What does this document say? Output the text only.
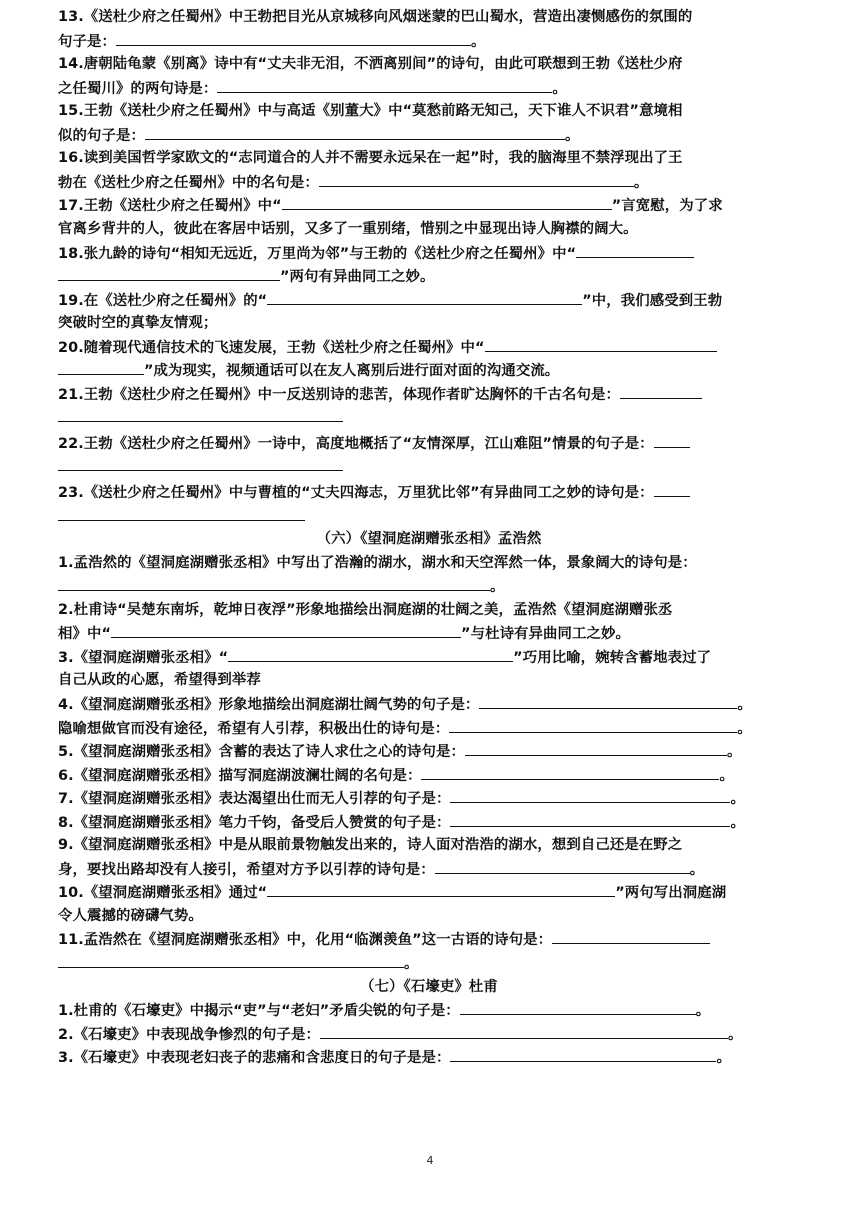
13.《送杜少府之任蜀州》中王勃把目光从京城移向风烟迷蒙的巴山蜀水，营造出凄恻感伤的氛围的
句子是：	。
14.唐朝陆龟蒙《别离》诗中有“丈夫非无泪，不洒离别间”的诗句，由此可联想到王勃《送杜少府
之任蜀川》的两句诗是：	。
15.王勃《送杜少府之任蜀州》中与高适《别董大》中“莫愁前路无知己，天下谁人不识君”意境相
似的句子是：	。
16.读到美国哲学家欧文的“志同道合的人并不需要永远呆在一起”时，我的脑海里不禁浮现出了王
勃在《送杜少府之任蜀州》中的名句是：	。
17.王勃《送杜少府之任蜀州》中“	”言宽慰，为了求
官离乡背井的人，彼此在客居中话别，又多了一重别绪，惜别之中显现出诗人胸襟的阔大。
18.张九龄的诗句“相知无远近，万里尚为邻”与王勃的《送杜少府之任蜀州》中“
”两句有异曲同工之妙。
19.在《送杜少府之任蜀州》的“	”中，我们感受到王勃
突破时空的真挚友情观；
20.随着现代通信技术的飞速发展，王勃《送杜少府之任蜀州》中“
”成为现实，视频通话可以在友人离别后进行面对面的沟通交流。
21.王勃《送杜少府之任蜀州》中一反送别诗的悲苦，体现作者旷达胸怀的千古名句是：
22.王勃《送杜少府之任蜀州》一诗中，高度地概括了“友情深厚，江山难阻”情景的句子是：
23.《送杜少府之任蜀州》中与曹植的“丈夫四海志，万里犹比邻”有异曲同工之妙的诗句是：
（六）《望洞庭湖赠张丞相》孟浩然
1.孟浩然的《望洞庭湖赠张丞相》中写出了浩瀚的湖水，湖水和天空浑然一体，景象阔大的诗句是：
。
2.杜甫诗“吴楚东南坼，乾坤日夜浮”形象地描绘出洞庭湖的壮阔之美，孟浩然《望洞庭湖赠张丞
相》中“	”与杜诗有异曲同工之妙。
3.《望洞庭湖赠张丞相》“	”巧用比喻，婉转含蓄地表过了
自己从政的心愿，希望得到举荐
4.《望洞庭湖赠张丞相》形象地描绘出洞庭湖壮阔气势的句子是：	。
隐喻想做官而没有途径，希望有人引荐，积极出仕的诗句是：	。
5.《望洞庭湖赠张丞相》含蓄的表达了诗人求仕之心的诗句是：	。
6.《望洞庭湖赠张丞相》描写洞庭湖波澜壮阔的名句是：	。
7.《望洞庭湖赠张丞相》表达渴望出仕而无人引荐的句子是：	。
8.《望洞庭湖赠张丞相》笔力千钧，备受后人赞赏的句子是：	。
9.《望洞庭湖赠张丞相》中是从眼前景物触发出来的，诗人面对浩浩的湖水，想到自己还是在野之
身，要找出路却没有人接引，希望对方予以引荐的诗句是：	。
10.《望洞庭湖赠张丞相》通过“	”两句写出洞庭湖
令人震撼的磅礴气势。
11.孟浩然在《望洞庭湖赠张丞相》中，化用“临渊羡鱼”这一古语的诗句是：
。
（七）《石壕吏》杜甫
1.杜甫的《石壕吏》中揭示“吏”与“老妇”矛盾尖锐的句子是：	。
2.《石壕吏》中表现战争惨烈的句子是：	。
3.《石壕吏》中表现老妇丧子的悲痛和含悲度日的句子是是：	。
4
